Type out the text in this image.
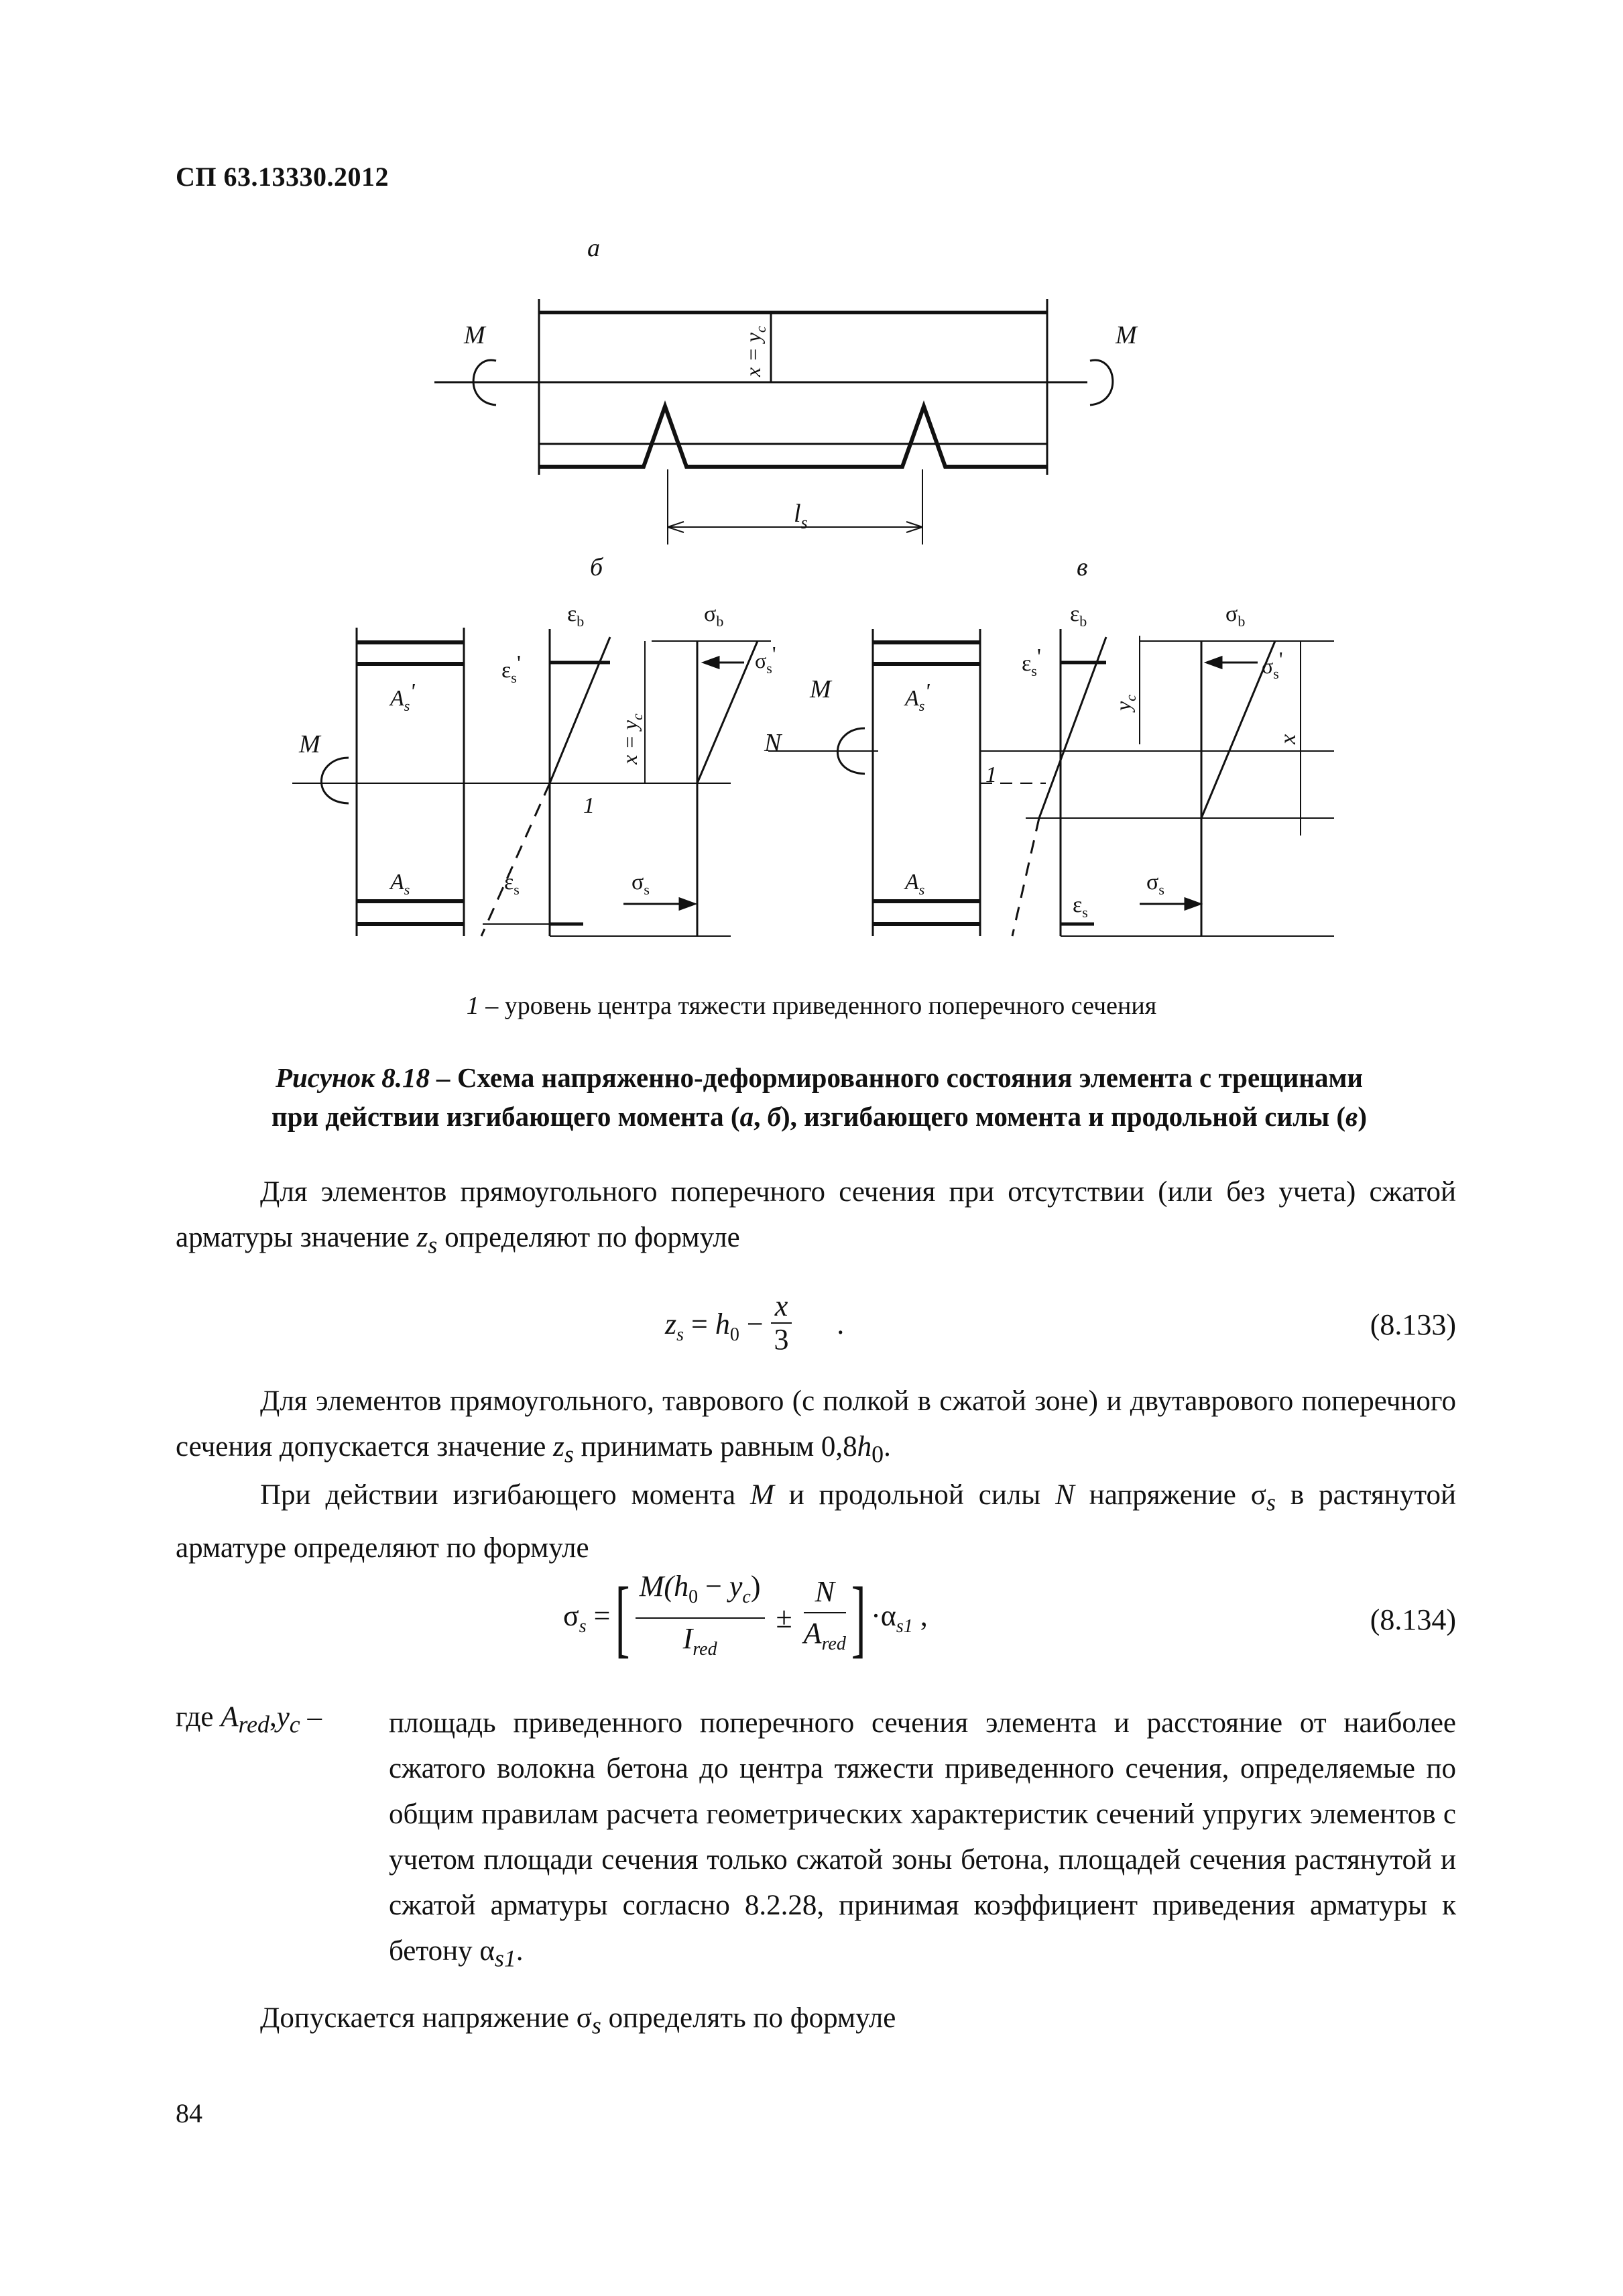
СП 63.13330.2012
а
б	в
M	M
$l_s$
$x = y_c$
M
$A_s'$
$A_s$
$\varepsilon_b$	$\sigma_b$
$\varepsilon_s'$	$\sigma_s'$
$x = y_c$
1
$\varepsilon_s$	$\sigma_s$
M
N
$A_s'$
$A_s$
$\varepsilon_b$	$\sigma_b$
$\varepsilon_s'$	$\sigma_s'$
$y_c$
x
1
$\varepsilon_s$
$\sigma_s$
1 – уровень центра тяжести приведенного поперечного сечения
Рисунок 8.18 – Схема напряженно-деформированного состояния элемента с трещинами
при действии изгибающего момента (а, б), изгибающего момента и продольной силы (в)
Для элементов прямоугольного поперечного сечения при отсутствии (или без учета) сжатой арматуры значение $z_s$ определяют по формуле
$z_s = h_0 - \frac{x}{3}$ .	(8.133)
Для элементов прямоугольного, таврового (с полкой в сжатой зоне) и двутаврового поперечного сечения допускается значение $z_s$ принимать равным $0,8h_0$.
При действии изгибающего момента M и продольной силы N напряжение $\sigma_s$ в растянутой арматуре определяют по формуле
$\sigma_s$ = [ $M(h_0 - y_c)$
$I_{red}$
±
N
$A_{red}$ ] $\cdot\alpha_{s1}$ ,	(8.134)
где $A_{red},y_c$ – площадь приведенного поперечного сечения элемента и расстояние от наиболее сжатого волокна бетона до центра тяжести приведенного сечения, определяемые по общим правилам расчета геометрических характеристик сечений упругих элементов с учетом площади сечения только сжатой зоны бетона, площадей сечения растянутой и сжатой арматуры согласно 8.2.28, принимая коэффициент приведения арматуры к бетону $\alpha_{s1}$.
Допускается напряжение $\sigma_s$ определять по формуле
84
